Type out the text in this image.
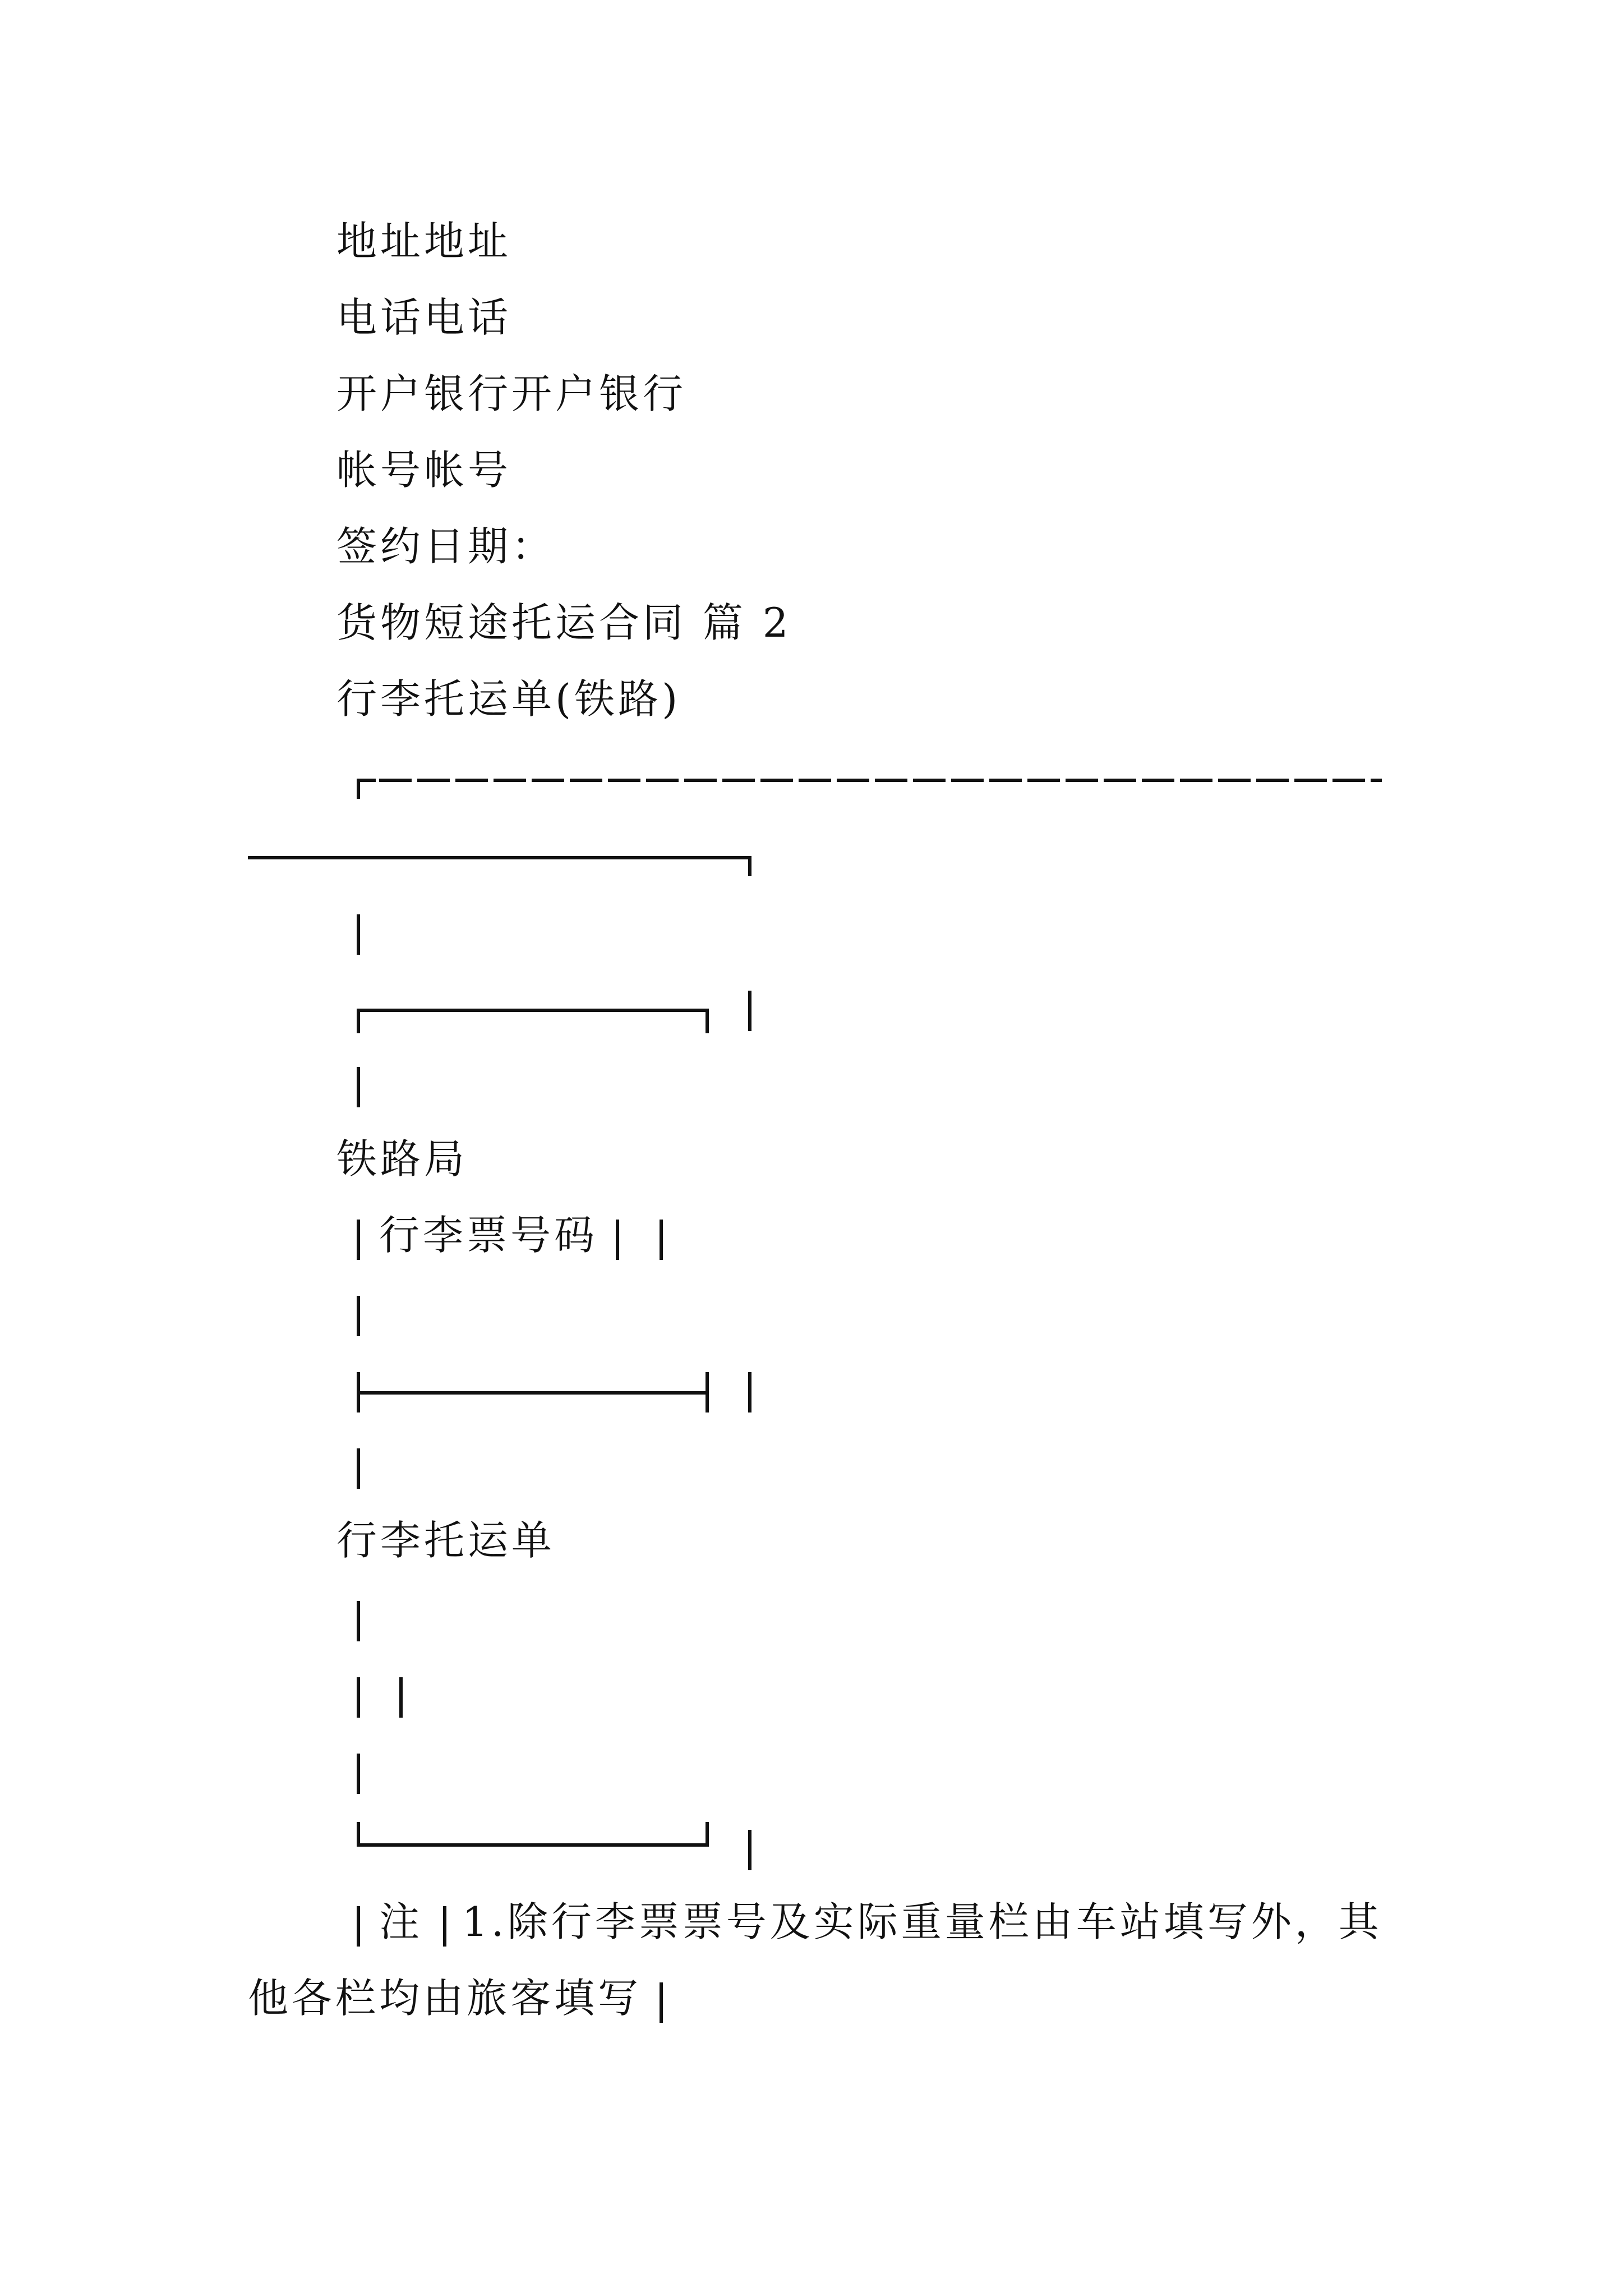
地址地址
电话电话
开户银行开户银行
帐号帐号
签约日期：
货物短途托运合同 篇 2
行李托运单(铁路)
铁路局
行李票号码
行李托运单
注 1.除行李票票号及实际重量栏由车站填写外，其
他各栏均由旅客填写
